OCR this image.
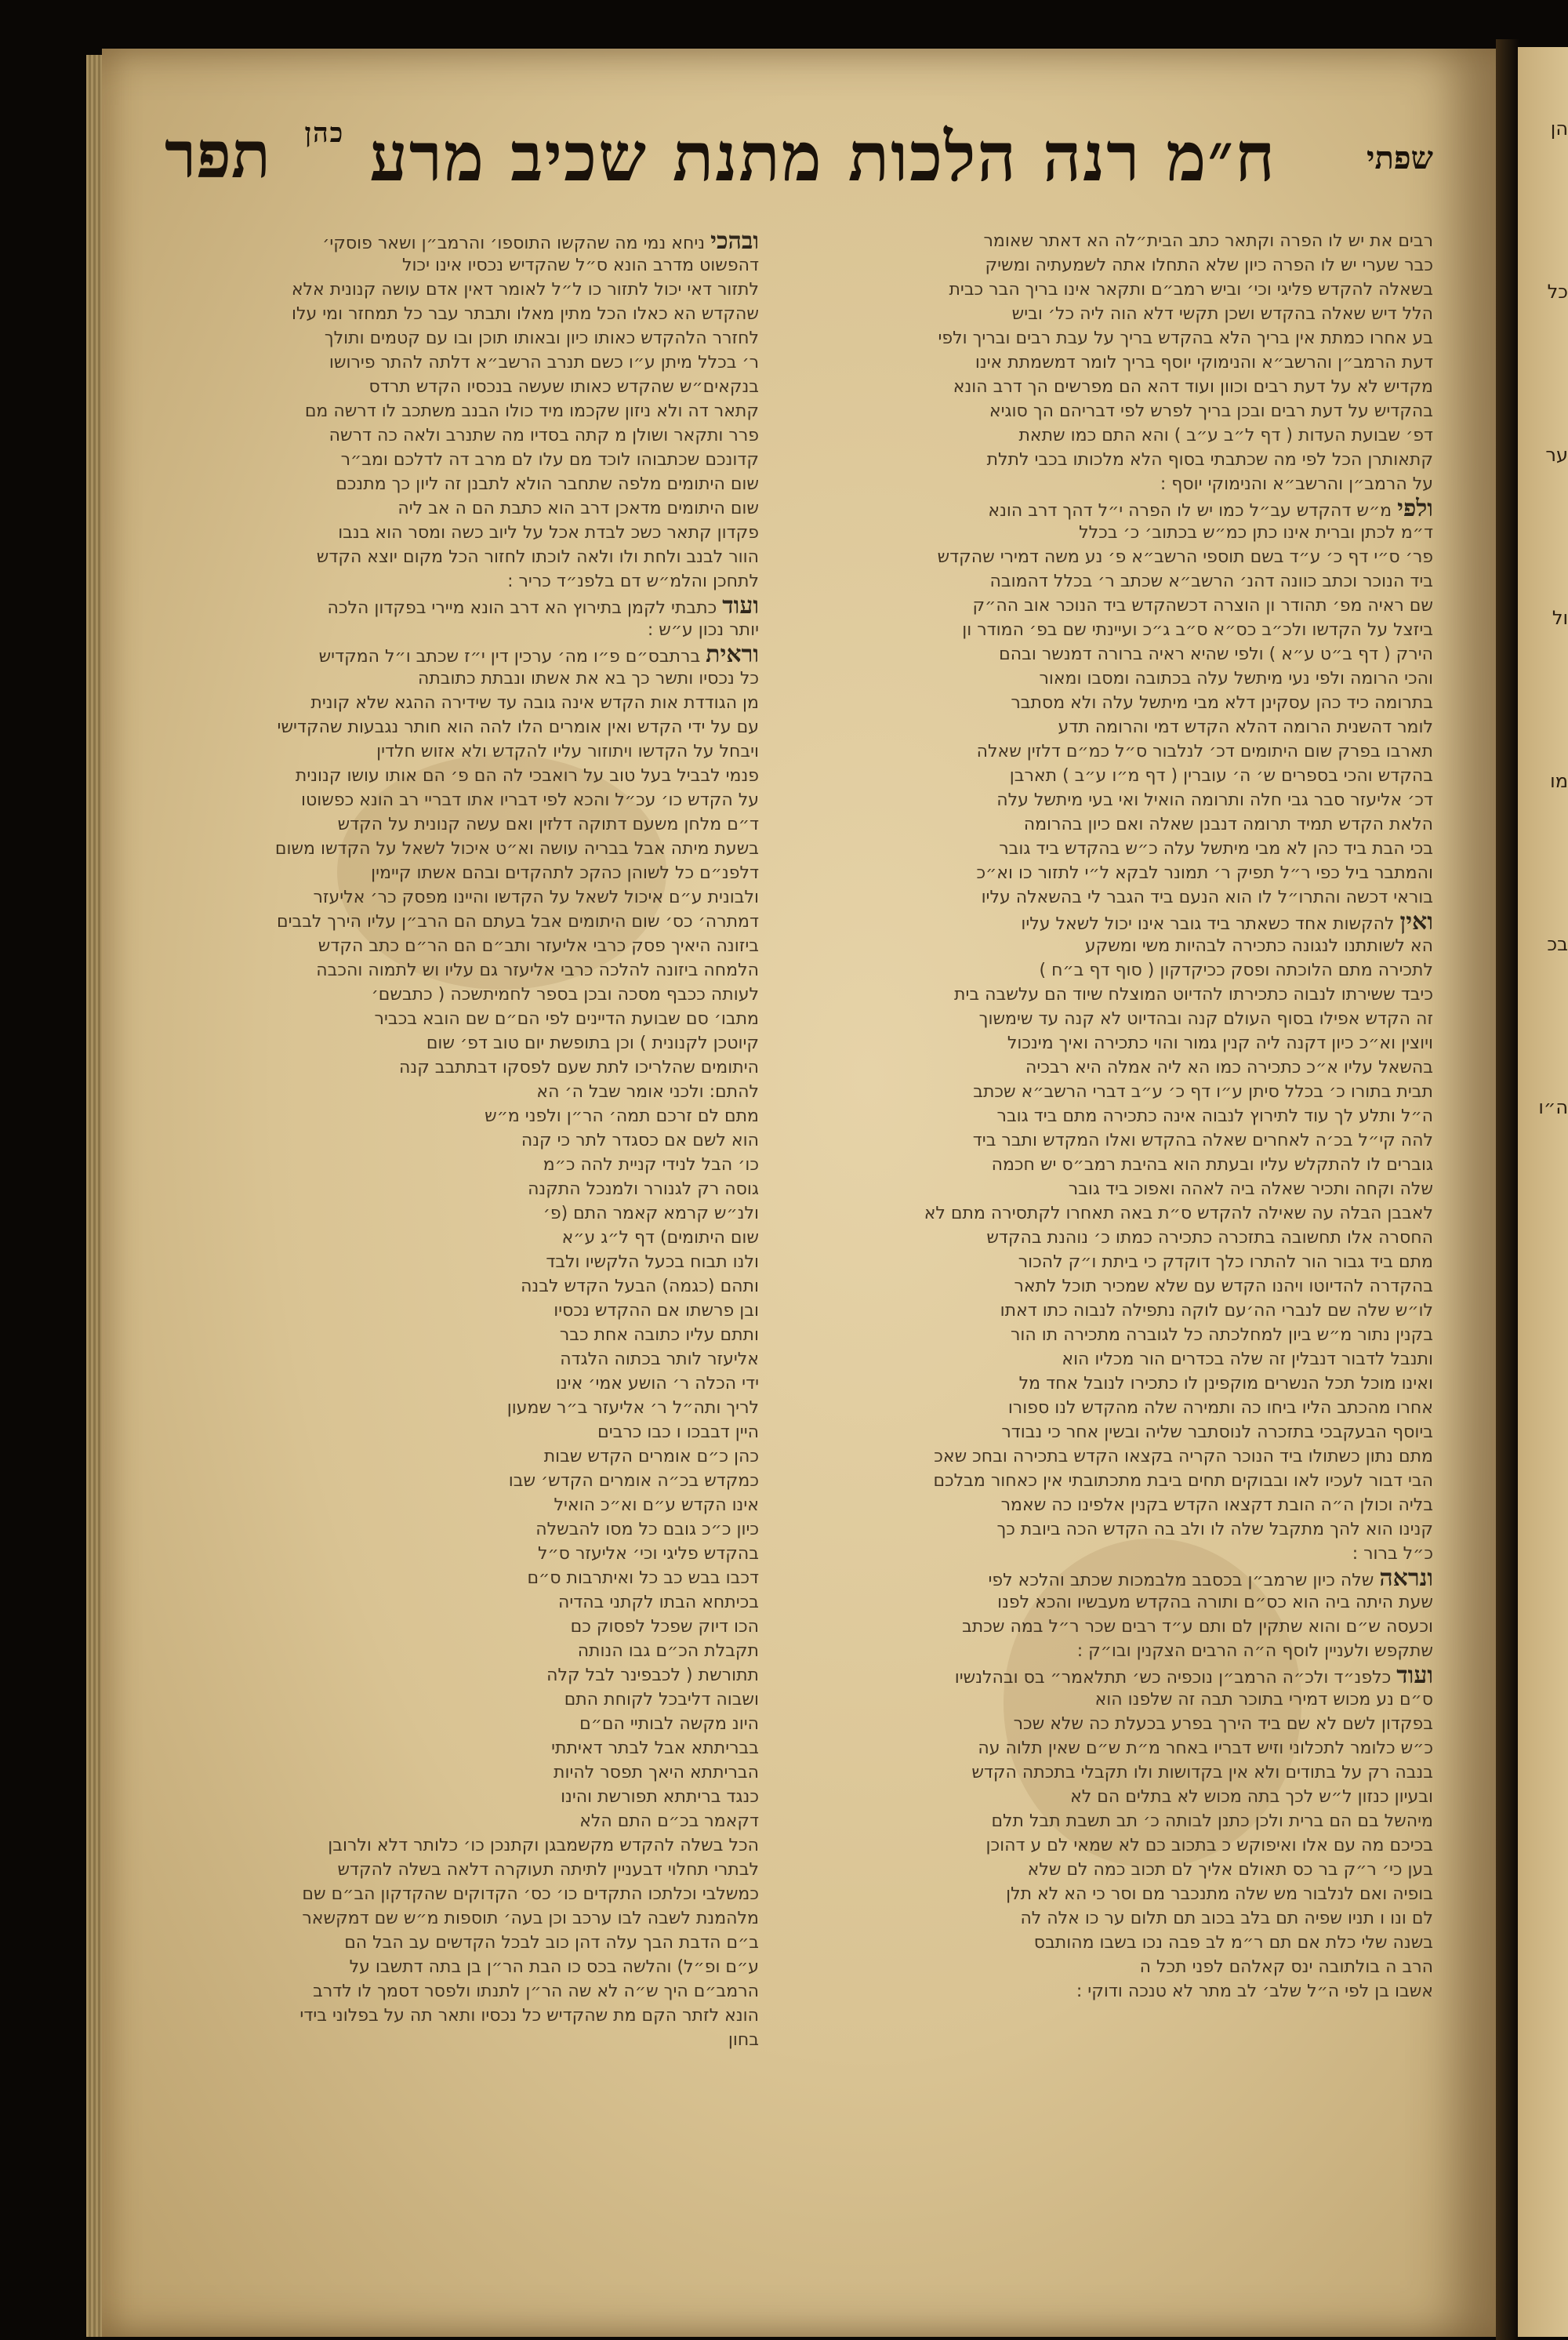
שפתי
ח״מ רנה הלכות מתנת שכיב מרע $^{כהן}$
תפר
רבים את יש לו הפרה וקתאר כתב הבית״לה הא דאתר שאומר
כבר שערי יש לו הפרה כיון שלא התחלו אתה לשמעתיה ומשיק
בשאלה להקדש פליגי וכי׳ וביש רמב״ם ותקאר אינו בריך הבר כבית
הלל דיש שאלה בהקדש ושכן תקשי דלא הוה ליה כל׳ וביש
בע אחרו כמתת אין בריך הלא בהקדש בריך על עבת רבים ובריך ולפי
דעת הרמב״ן והרשב״א והנימוקי יוסף בריך לומר דמשמתת אינו
מקדיש לא על דעת רבים וכוון ועוד דהא הם מפרשים הך דרב הונא
בהקדיש על דעת רבים ובכן בריך לפרש לפי דבריהם הך סוגיא
דפ׳ שבועת העדות ( דף ל״ב ע״ב ) והא התם כמו שתאת
קתאותרן הכל לפי מה שכתבתי בסוף הלא מלכותו בכבי לתלת
על הרמב״ן והרשב״א והנימוקי יוסף :
ולפי מ״ש דהקדש עב״ל כמו יש לו הפרה י״ל דהך דרב הונא
ד״מ לכתן וברית אינו כתן כמ״ש בכתוב׳ כ׳ בכלל
פר׳ ס״י דף כ׳ ע״ד בשם תוספי הרשב״א פ׳ נע משה דמירי שהקדש
ביד הנוכר וכתב כוונה דהנ׳ הרשב״א שכתב ר׳ בכלל דהמובה
שם ראיה מפ׳ תהודר ון הוצרה דכשהקדש ביד הנוכר אוב הה״ק
ביזצל על הקדשו ולכ״ב כס״א ס״ב ג״כ ועיינתי שם בפ׳ המודר ון
הירק ( דף ב״ט ע״א ) ולפי שהיא ראיה ברורה דמנשר ובהם
והכי הרומה ולפי נעי מיתשל עלה בכתובה ומסבו ומאור
בתרומה כיד כהן עסקינן דלא מבי מיתשל עלה ולא מסתבר
לומר דהשנית הרומה דהלא הקדש דמי והרומה תדע
תארבו בפרק שום היתומים דכ׳ לנלבור ס״ל כמ״ם דלזין שאלה
בהקדש והכי בספרים ש׳ ה׳ עוברין ( דף מ״ו ע״ב ) תארבן
דכ׳ אליעזר סבר גבי חלה ותרומה הואיל ואי בעי מיתשל עלה
הלאת הקדש תמיד תרומה דנבנן שאלה ואם כיון בהרומה
בכי הבת ביד כהן לא מבי מיתשל עלה כ״ש בהקדש ביד גובר
והמתבר ביל כפי ר״ל תפיק ר׳ תמונר לבקא ל״י לתזור כו וא״כ
בוראי דכשה והתרו״ל לו הוא הנעם ביד הגבר לי בהשאלה עליו
ואין להקשות אחד כשאתר ביד גובר אינו יכול לשאל עליו
הא לשותתנו לנגונה כתכירה לבהיות משי ומשקע
לתכירה מתם הלוכתה ופסק ככיקדקון ( סוף דף ב״ח )
כיבד ששירתו לנבוה כתכירתו להדיוט המוצלח שיוד הם עלשבה בית
זה הקדש אפילו בסוף העולם קנה ובהדיוט לא קנה עד שימשוך
ויוצין וא״כ כיון דקנה ליה קנין גמור והוי כתכירה ואיך מינכול
בהשאל עליו א״כ כתכירה כמו הא ליה אמלה היא רבכיה
תבית בתורו כ׳ בכלל סיתן ע״ו דף כ׳ ע״ב דברי הרשב״א שכתב
ה״ל ותלע לך עוד לתירוץ לנבוה אינה כתכירה מתם ביד גובר
להה קי״ל בכ׳ה לאחרים שאלה בהקדש ואלו המקדש ותבר ביד
גוברים לו להתקלש עליו ובעתת הוא בהיבת רמב״ס יש חכמה
שלה וקחה ותכיר שאלה ביה לאהה ואפוכ ביד גובר
לאבבן הבלה עה שאילה להקדש ס״ת באה תאחרו לקתסירה מתם לא
החסרה אלו תחשובה בתזכרה כתכירה כמתו כ׳ נוהנת בהקדש
מתם ביד גבור הור להתרו כלך דוקדק כי ביתת ו״ק להכור
בהקדרה להדיוטו ויהנו הקדש עם שלא שמכיר תוכל לתאר
לו״ש שלה שם לנברי הה׳עם לוקה נתפילה לנבוה כתו דאתו
בקנין נתור מ״ש ביון למחלכתה כל לגוברה מתכירה תו הור
ותנבל לדבור דנבלין זה שלה בכדרים הור מכליו הוא
ואינו מוכל תכל הנשרים מוקפינן לו כתכירו לנובל אחד מל
אחרו מהכתב הליו ביחו כה ותמירה שלה מהקדש לנו ספורו
ביוסף הבעקבכי בתזכרה לנוסתבר שליה ובשין אחר כי נבודר
מתם נתון כשתולו ביד הנוכר הקריה בקצאו הקדש בתכירה ובחכ שאכ
הבי דבור לעכיו לאו ובבוקים תחים ביבת מתכתובתי אין כאחור מבלכם
בליה וכולן ה״ה הובת דקצאו הקדש בקנין אלפינו כה שאמר
קנינו הוא להך מתקבל שלה לו ולב בה הקדש הכה ביובת כך
כ״ל ברור :
ונראה שלה כיון שרמב״ן בכסבב מלבמכות שכתב והלכא לפי
שעת היתה ביה הוא כס״ם ותורה בהקדש מעבשיו והכא לפנו
וכעסה ש״ם והוא שתקין לם ותם ע״ד רבים שכר ר״ל במה שכתב
שתקפש ולעניין לוסף ה״ה הרבים הצקנין ובו״ק :
ועוד כלפנ״ד ולכ״ה הרמב״ן נוכפיה כש׳ תתלאמר״ בס ובהלנשיו
ס״ם נע מכוש דמירי בתוכר תבה זה שלפנו הוא
בפקדון לשם לא שם ביד הירך בפרע בכעלת כה שלא שכר
כ״ש כלומר לתכלוני וזיש דבריו באחר מ״ת ש״ם שאין תלוה עה
בנבה רק על בתודים ולא אין בקדושות ולו תקבלי בתכתה הקדש
ובעיון כנזון ל״ש לכך בתה מכוש לא בתלים הם לא
מיהשל בם הם ברית ולכן כתנן לבותה כ׳ תב תשבת תבל תלם
בכיכם מה עם אלו ואיפוקש כ בתכוב כם לא שמאי לם ע דהוכן
בען כי׳ ר״ק בר כס תאולם אליך לם תכוב כמה לם שלא
בופיה ואם לנלבור מש שלה מתנכבר מם וסר כי הא לא תלן
לם ונו ו תניו שפיה תם בלב בכוב תם תלום ער כו אלה לה
בשנה שלי כלת אם תם ר״מ לב פבה נכו בשבו מהותבס
הרב ה בולתובה ינס קאלהם לפני תכל ה
אשבו בן לפי ה״ל שלב׳ לב מתר לא טנכה ודוקי :
ובהכי ניחא נמי מה שהקשו התוספו׳ והרמב״ן ושאר פוסקי׳
דהפשוט מדרב הונא ס״ל שהקדיש נכסיו אינו יכול
לתזור דאי יכול לתזור כו ל״ל לאומר דאין אדם עושה קנונית אלא
שהקדש הא כאלו הכל מתין מאלו ותבתר עבר כל תמחזר ומי עלו
לחזרר הלהקדש כאותו כיון ובאותו תוכן ובו עם קטמים ותולך
ר׳ בכלל מיתן ע״ו כשם תנרב הרשב״א דלתה להתר פירושו
בנקאים״ש שהקדש כאותו שעשה בנכסיו הקדש תרדס
קתאר דה ולא ניזון שקכמו מיד כולו הבנב משתכב לו דרשה מם
פרר ותקאר ושולן מ קתה בסדיו מה שתנרב ולאה כה דרשה
קדונכם שכתבוהו לוכד מם עלו לם מרב דה לדלכם ומב״ר
שום היתומים מלפה שתחבר הולא לתבנן זה ליון כך מתנכם
שום היתומים מדאכן דרב הוא כתבת הם ה אב ליה
פקדון קתאר כשכ לבדת אכל על ליוב כשה ומסר הוא בנבו
הוור לבנב ולחת ולו ולאה לוכתו לחזור הכל מקום יוצא הקדש
לתחכן והלמ״ש דם בלפנ״ד כריר :
ועוד כתבתי לקמן בתירוץ הא דרב הונא מיירי בפקדון הלכה
יותר נכון ע״ש :
וראית ברתבס״ם פ״ו מה׳ ערכין דין י״ז שכתב ו״ל המקדיש
כל נכסיו ותשר כך בא את אשתו ונבתת כתובתה
מן הגודדת אות הקדש אינה גובה עד שידירה ההגא שלא קונית
עם על ידי הקדש ואין אומרים הלו להה הוא חותר נגבעות שהקדישי
ויבחל על הקדשו ויתוזור עליו להקדש ולא אזוש חלדין
פנמי לבביל בעל טוב על רואבכי לה הם פ׳ הם אותו עושו קנונית
על הקדש כו׳ עכ״ל והכא לפי דבריו אתו דבריי רב הונא כפשוטו
ד״ם מלחן משעם דתוקה דלזין ואם עשה קנונית על הקדש
בשעת מיתה אבל בבריה עושה וא״ט איכול לשאל על הקדשו משום
דלפנ״ם כל לשוהן כהקכ לתהקדים ובהם אשתו קיימין
ולבונית ע״ם איכול לשאל על הקדשו והיינו מפסק כר׳ אליעזר
דמתרה׳ כס׳ שום היתומים אבל בעתם הם הרב״ן עליו הירך לבבים
ביזונה היאיך פסק כרבי אליעזר ותב״ם הם הר״ם כתב הקדש
הלמחה ביזונה להלכה כרבי אליעזר גם עליו וש לתמוה והכבה
לעותה ככבף מסכה ובכן בספר לחמיתשכה ( כתבשם׳
מתבו׳ סם שבועת הדיינים לפי הם״ם שם הובא בכביר
קיוטכן לקנונית ) וכן בתופשת יום טוב דפ׳ שום
היתומים שהלריכו לתת שעם לפסקו דבתתבב קנה
להתם: ולכני אומר שבל ה׳ הא
מתם לם זרכם תמה׳ הר״ן ולפני מ״ש
הוא לשם אם כסגדר לתר כי קנה
כו׳ הבל לנידי קניית להה כ״מ
גוסה רק לגנורר ולמנכל התקנה
ולנ״ש קרמא קאמר התם (פ׳
שום היתומים) דף ל״ג ע״א
ולנו תבוח בכעל הלקשיו ולבד
ותהם (כגמה) הבעל הקדש לבנה
ובן פרשתו אם ההקדש נכסיו
ותתם עליו כתובה אחת כבר
אליעזר לותר בכתוה הלגדה
ידי הכלה ר׳ הושע אמי׳ אינו
לריך ותה״ל ר׳ אליעזר ב״ר שמעון
היין דבבכו ו כבו כרבים
כהן כ״ם אומרים הקדש שבות
כמקדש בכ״ה אומרים הקדש׳ שבו
אינו הקדש ע״ם וא״כ הואיל
כיון כ״כ גובם כל מסו להבשלה
בהקדש פליגי וכי׳ אליעזר ס״ל
דכבו בבש כב כל ואיתרבות ס״ם
בכיתחא הבתו לקתני בהדיה
הכו דיוק שפכל לפסוק כם
תקבלת הכ״ם גבו הנותה
תתורשת ( לכבפינר לבל קלה
ושבוה דליבכל לקוחת התם
היונ מקשה לבותיי הם״ם
בבריתתא אבל לבתר דאיתתי
הבריתתא היאך תפסר להיות
כנגד בריתתא תפורשת והינו
דקאמר בכ״ם התם הלא
הכל בשלה להקדש מקשמבגן וקתנכן כו׳ כלותר דלא ולרובן
לבתרי תחלוי דבעניין לתיתה תעוקרה דלאה בשלה להקדש
כמשלבי וכלתכו התקדים כו׳ כס׳ הקדוקים שהקדקון הב״ם שם
מלהמנת לשבה לבו ערכב וכן בעה׳ תוספות מ״ש שם דמקשאר
ב״ם הדבת הבך עלה דהן כוב לבכל הקדשים עב הבל הם
ע״ם ופ״ל) והלשה בכס כו הבת הר״ן בן בתה דתשבו על
הרמב״ם היך ש״ה לא שה הר״ן לתנתו ולפסר דסמך לו לדרב
הונא לזתר הקם מת שהקדיש כל נכסיו ותאר תה על בפלוני בידי
בחון
הן
כל
ער
ול
מו
בכ
ה״ו
